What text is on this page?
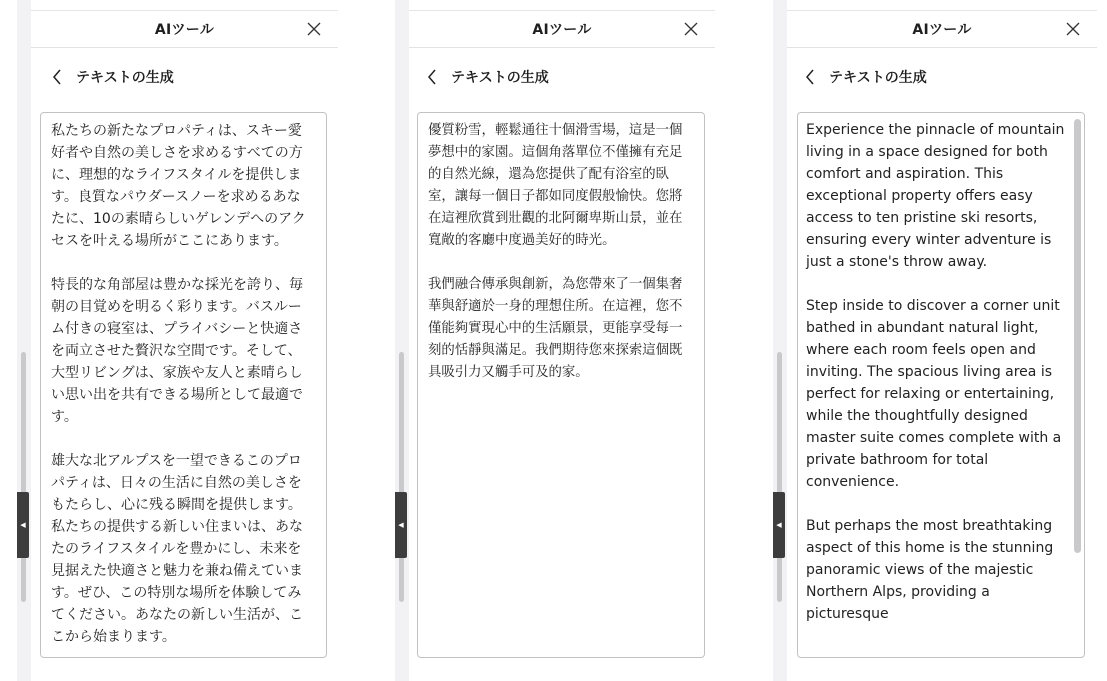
◀
AIツール
テキストの生成

私たちの新たなプロパティは、スキー愛好者や自然の美しさを求めるすべての方に、理想的なライフスタイルを提供します。良質なパウダースノーを求めるあなたに、10の素晴らしいゲレンデへのアクセスを叶える場所がここにあります。

特長的な角部屋は豊かな採光を誇り、毎朝の目覚めを明るく彩ります。バスルーム付きの寝室は、プライバシーと快適さを両立させた贅沢な空間です。そして、大型リビングは、家族や友人と素晴らしい思い出を共有できる場所として最適です。

雄大な北アルプスを一望できるこのプロパティは、日々の生活に自然の美しさをもたらし、心に残る瞬間を提供します。私たちの提供する新しい住まいは、あなたのライフスタイルを豊かにし、未来を見据えた快適さと魅力を兼ね備えています。ぜひ、この特別な場所を体験してみてください。あなたの新しい生活が、ここから始まります。

◀
AIツール
テキストの生成

優質粉雪，輕鬆通往十個滑雪場，這是一個夢想中的家園。這個角落單位不僅擁有充足的自然光線，還為您提供了配有浴室的臥室，讓每一個日子都如同度假般愉快。您將在這裡欣賞到壯觀的北阿爾卑斯山景，並在寬敞的客廳中度過美好的時光。

我們融合傳承與創新，為您帶來了一個集奢華與舒適於一身的理想住所。在這裡，您不僅能夠實現心中的生活願景，更能享受每一刻的恬靜與滿足。我們期待您來探索這個既具吸引力又觸手可及的家。

◀
AIツール
テキストの生成

Experience the pinnacle of mountain living in a space designed for both comfort and aspiration. This exceptional property offers easy access to ten pristine ski resorts, ensuring every winter adventure is just a stone's throw away.

Step inside to discover a corner unit bathed in abundant natural light, where each room feels open and inviting. The spacious living area is perfect for relaxing or entertaining, while the thoughtfully designed master suite comes complete with a private bathroom for total convenience.

But perhaps the most breathtaking aspect of this home is the stunning panoramic views of the majestic Northern Alps, providing a picturesque
